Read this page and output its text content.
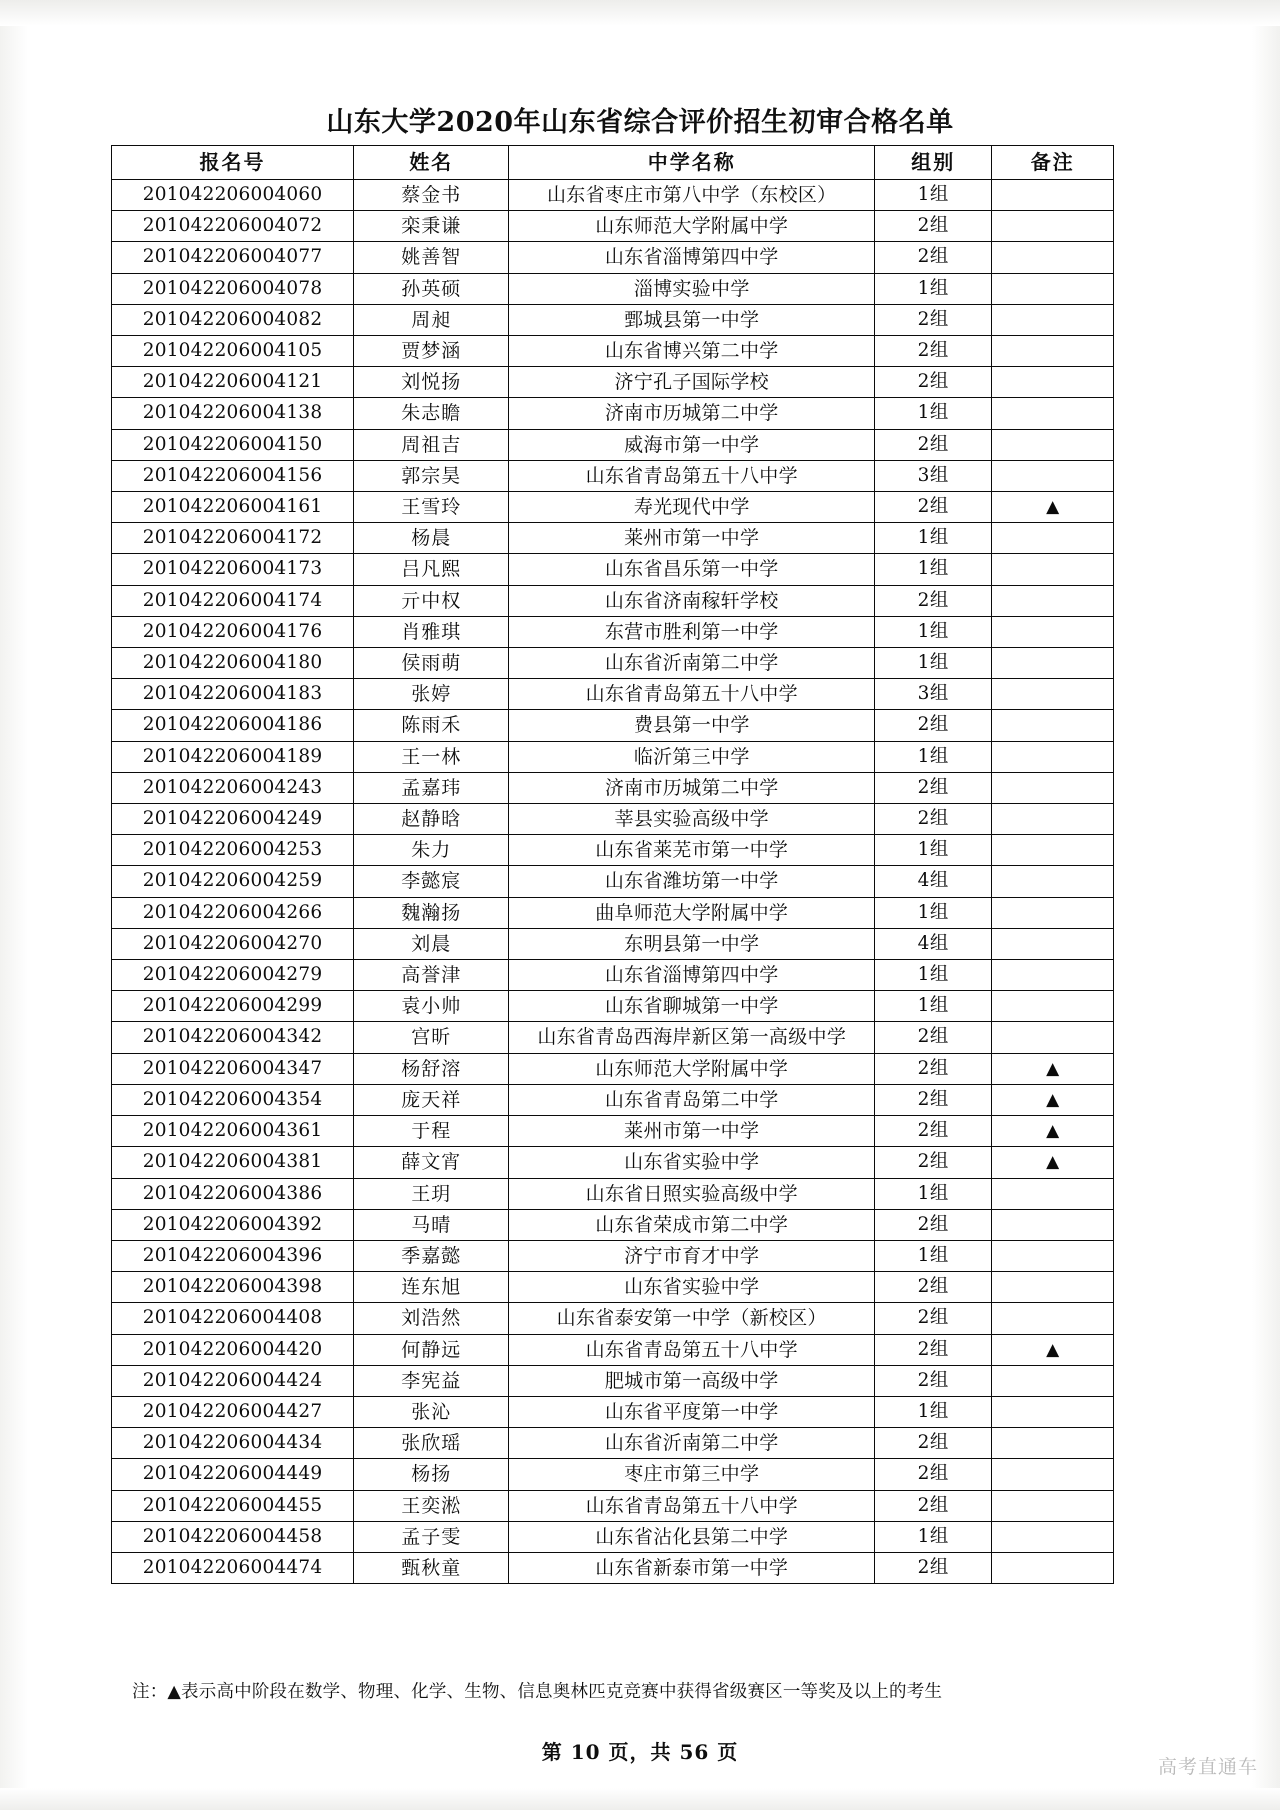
山东大学2020年山东省综合评价招生初审合格名单
报名号	姓名	中学名称	组别	备注
201042206004060	蔡金书	山东省枣庄市第八中学（东校区）	1组	
201042206004072	栾秉谦	山东师范大学附属中学	2组	
201042206004077	姚善智	山东省淄博第四中学	2组	
201042206004078	孙英硕	淄博实验中学	1组	
201042206004082	周昶	鄄城县第一中学	2组	
201042206004105	贾梦涵	山东省博兴第二中学	2组	
201042206004121	刘悦扬	济宁孔子国际学校	2组	
201042206004138	朱志瞻	济南市历城第二中学	1组	
201042206004150	周祖吉	威海市第一中学	2组	
201042206004156	郭宗昊	山东省青岛第五十八中学	3组	
201042206004161	王雪玲	寿光现代中学	2组	▲
201042206004172	杨晨	莱州市第一中学	1组	
201042206004173	吕凡熙	山东省昌乐第一中学	1组	
201042206004174	亓中权	山东省济南稼轩学校	2组	
201042206004176	肖雅琪	东营市胜利第一中学	1组	
201042206004180	侯雨萌	山东省沂南第二中学	1组	
201042206004183	张婷	山东省青岛第五十八中学	3组	
201042206004186	陈雨禾	费县第一中学	2组	
201042206004189	王一林	临沂第三中学	1组	
201042206004243	孟嘉玮	济南市历城第二中学	2组	
201042206004249	赵静晗	莘县实验高级中学	2组	
201042206004253	朱力	山东省莱芜市第一中学	1组	
201042206004259	李懿宸	山东省潍坊第一中学	4组	
201042206004266	魏瀚扬	曲阜师范大学附属中学	1组	
201042206004270	刘晨	东明县第一中学	4组	
201042206004279	高誉津	山东省淄博第四中学	1组	
201042206004299	袁小帅	山东省聊城第一中学	1组	
201042206004342	宫昕	山东省青岛西海岸新区第一高级中学	2组	
201042206004347	杨舒溶	山东师范大学附属中学	2组	▲
201042206004354	庞天祥	山东省青岛第二中学	2组	▲
201042206004361	于程	莱州市第一中学	2组	▲
201042206004381	薛文宵	山东省实验中学	2组	▲
201042206004386	王玥	山东省日照实验高级中学	1组	
201042206004392	马晴	山东省荣成市第二中学	2组	
201042206004396	季嘉懿	济宁市育才中学	1组	
201042206004398	连东旭	山东省实验中学	2组	
201042206004408	刘浩然	山东省泰安第一中学（新校区）	2组	
201042206004420	何静远	山东省青岛第五十八中学	2组	▲
201042206004424	李宪益	肥城市第一高级中学	2组	
201042206004427	张沁	山东省平度第一中学	1组	
201042206004434	张欣瑶	山东省沂南第二中学	2组	
201042206004449	杨扬	枣庄市第三中学	2组	
201042206004455	王奕淞	山东省青岛第五十八中学	2组	
201042206004458	孟子雯	山东省沾化县第二中学	1组	
201042206004474	甄秋童	山东省新泰市第一中学	2组	
注：▲表示高中阶段在数学、物理、化学、生物、信息奥林匹克竞赛中获得省级赛区一等奖及以上的考生
第 10 页，共 56 页
高考直通车
